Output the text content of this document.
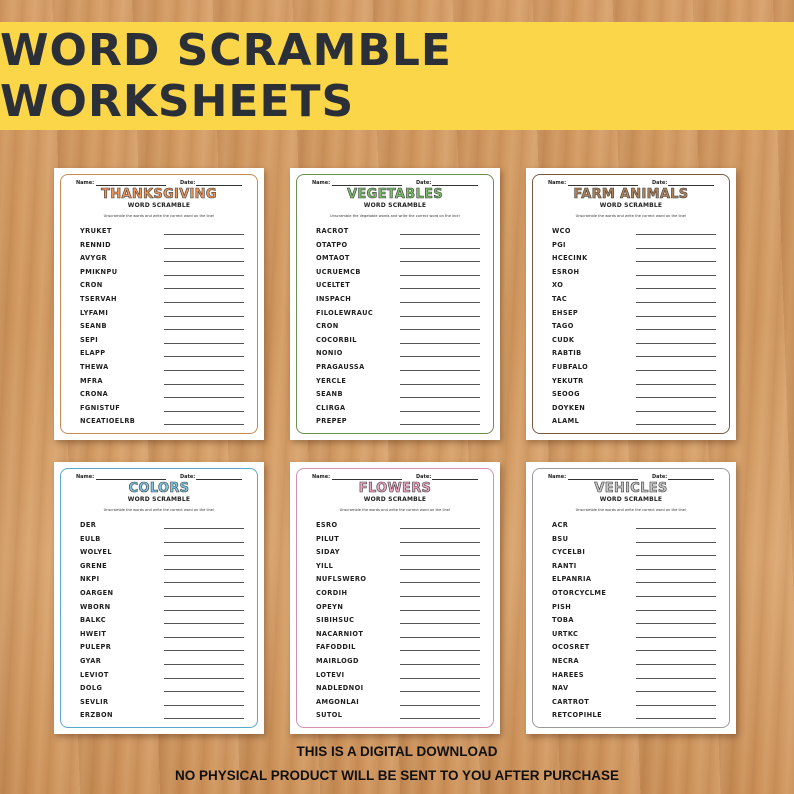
WORD SCRAMBLE WORKSHEETS
Name:	Date:
THANKSGIVING
WORD SCRAMBLE
Unscramble the words and write the correct word on the line!
YRUKET
RENNID
AVYGR
PMIKNPU
CRON
TSERVAH
LYFAMI
SEANB
SEPI
ELAPP
THEWA
MFRA
CRONA
FGNISTUF
NCEATIOELRB
Name:	Date:
VEGETABLES
WORD SCRAMBLE
Unscramble the Vegetable words and write the correct word on the line!
RACROT
OTATPO
OMTAOT
UCRUEMCB
UCELTET
INSPACH
FILOLEWRAUC
CRON
COCORBIL
NONIO
PRAGAUSSA
YERCLE
SEANB
CLIRGA
PREPEP
Name:	Date:
FARM ANIMALS
WORD SCRAMBLE
Unscramble the words and write the correct word on the line!
WCO
PGI
HCECINK
ESROH
XO
TAC
EHSEP
TAGO
CUDK
RABTIB
FUBFALO
YEKUTR
SEOOG
DOYKEN
ALAML
Name:	Date:
COLORS
WORD SCRAMBLE
Unscramble the words and write the correct word on the line!
DER
EULB
WOLYEL
GRENE
NKPI
OARGEN
WBORN
BALKC
HWEIT
PULEPR
GYAR
LEVIOT
DOLG
SEVLIR
ERZBON
Name:	Date:
FLOWERS
WORD SCRAMBLE
Unscramble the words and write the correct word on the line!
ESRO
PILUT
SIDAY
YILL
NUFLSWERO
CORDIH
OPEYN
SIBIHSUC
NACARNIOT
FAFODDIL
MAIRLOGD
LOTEVI
NADLEDNOI
AMGONLAI
SUTOL
Name:	Date:
VEHICLES
WORD SCRAMBLE
Unscramble the words and write the correct word on the line!
ACR
BSU
CYCELBI
RANTI
ELPANRIA
OTORCYCLME
PISH
TOBA
URTKC
OCOSRET
NECRA
HAREES
NAV
CARTROT
RETCOPIHLE
THIS IS A DIGITAL DOWNLOAD
NO PHYSICAL PRODUCT WILL BE SENT TO YOU AFTER PURCHASE
